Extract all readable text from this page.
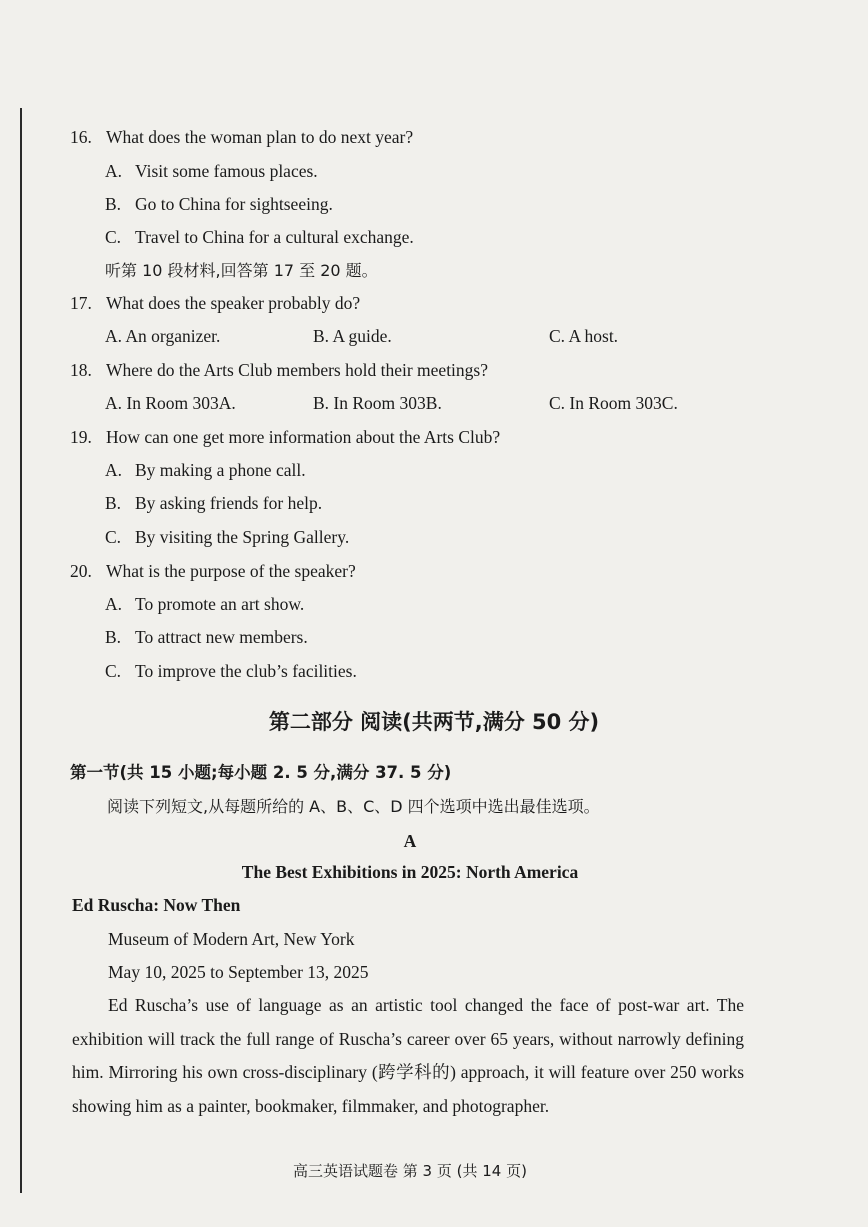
16. What does the woman plan to do next year?
A. Visit some famous places.
B. Go to China for sightseeing.
C. Travel to China for a cultural exchange.
听第 10 段材料,回答第 17 至 20 题。
17. What does the speaker probably do?
A. An organizer.	B. A guide.	C. A host.
18. Where do the Arts Club members hold their meetings?
A. In Room 303A.	B. In Room 303B.	C. In Room 303C.
19. How can one get more information about the Arts Club?
A. By making a phone call.
B. By asking friends for help.
C. By visiting the Spring Gallery.
20. What is the purpose of the speaker?
A. To promote an art show.
B. To attract new members.
C. To improve the club’s facilities.
第二部分 阅读(共两节,满分 50 分)
第一节(共 15 小题;每小题 2. 5 分,满分 37. 5 分)
阅读下列短文,从每题所给的 A、B、C、D 四个选项中选出最佳选项。
A
The Best Exhibitions in 2025: North America
Ed Ruscha: Now Then
Museum of Modern Art, New York
May 10, 2025 to September 13, 2025
Ed Ruscha’s use of language as an artistic tool changed the face of post-war art. The exhibition will track the full range of Ruscha’s career over 65 years, without narrowly defining him. Mirroring his own cross-disciplinary (跨学科的) approach, it will feature over 250 works showing him as a painter, bookmaker, filmmaker, and photographer.
高三英语试题卷 第 3 页 (共 14 页)
